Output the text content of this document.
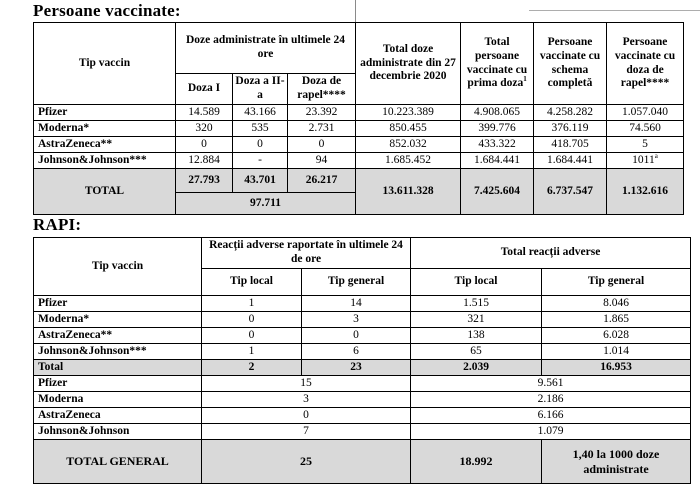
Persoane vaccinate:
Tip vaccin	Doze administrate în ultimele 24 ore			Total doze administrate din 27 decembrie 2020	Total persoane vaccinate cu prima doza$^1$	Persoane vaccinate cu schema completă	Persoane vaccinate cu doza de rapel****
	Doza I	Doza a II-a	Doza de rapel****				
Pfizer	14.589	43.166	23.392	10.223.389	4.908.065	4.258.282	1.057.040
Moderna*	320	535	2.731	850.455	399.776	376.119	74.560
AstraZeneca**	0	0	0	852.032	433.322	418.705	5
Johnson&Johnson***	12.884	-	94	1.685.452	1.684.441	1.684.441	1011$^a$
TOTAL	27.793	43.701	26.217	13.611.328	7.425.604	6.737.547	1.132.616
	97.711						
RAPI:
Tip vaccin	Reacții adverse raportate în ultimele 24 de ore		Total reacții adverse	
	Tip local	Tip general	Tip local	Tip general
Pfizer	1	14	1.515	8.046
Moderna*	0	3	321	1.865
AstraZeneca**	0	0	138	6.028
Johnson&Johnson***	1	6	65	1.014
Total	2	23	2.039	16.953
Pfizer	15		9.561	
Moderna	3		2.186	
AstraZeneca	0		6.166	
Johnson&Johnson	7		1.079	
TOTAL GENERAL	25		18.992	1,40 la 1000 doze administrate
